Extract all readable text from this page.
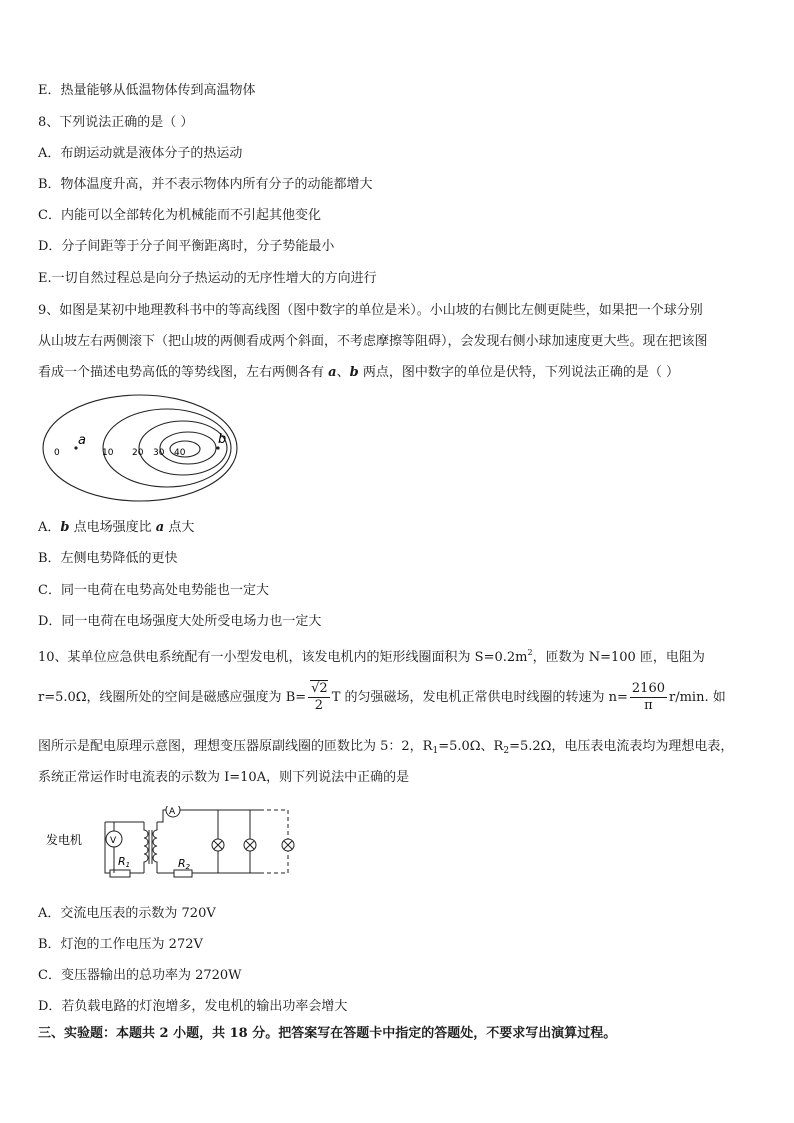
E．热量能够从低温物体传到高温物体
8、下列说法正确的是（ ）
A．布朗运动就是液体分子的热运动
B．物体温度升高，并不表示物体内所有分子的动能都增大
C．内能可以全部转化为机械能而不引起其他变化
D．分子间距等于分子间平衡距离时，分子势能最小
E.一切自然过程总是向分子热运动的无序性增大的方向进行
9、如图是某初中地理教科书中的等高线图（图中数字的单位是米）。小山坡的右侧比左侧更陡些，如果把一个球分别
从山坡左右两侧滚下（把山坡的两侧看成两个斜面，不考虑摩擦等阻碍），会发现右侧小球加速度更大些。现在把该图
看成一个描述电势高低的等势线图，左右两侧各有 a、b 两点，图中数字的单位是伏特，下列说法正确的是（ ）
0	10 20 30 40
a	b
A．b 点电场强度比 a 点大
B．左侧电势降低的更快
C．同一电荷在电势高处电势能也一定大
D．同一电荷在电场强度大处所受电场力也一定大
10、某单位应急供电系统配有一小型发电机，该发电机内的矩形线圈面积为 $S=0.2m^2$，匝数为 N=100 匝，电阻为
r=5.0Ω，线圈所处的空间是磁感应强度为 $B= \frac{√2}{2}$ T 的匀强磁场，发电机正常供电时线圈的转速为 $n= \frac{2160}{\pi} r/\min$. 如
图所示是配电原理示意图，理想变压器原副线圈的匝数比为 5：2，$R_1=5.0\Omega$、$R_2=5.2\Omega$，电压表电流表均为理想电表，
系统正常运作时电流表的示数为 I=10A，则下列说法中正确的是
发电机	V
A
R1	R2
A．交流电压表的示数为 720V
B．灯泡的工作电压为 272V
C．变压器输出的总功率为 2720W
D．若负载电路的灯泡增多，发电机的输出功率会增大
三、实验题：本题共 2 小题，共 18 分。把答案写在答题卡中指定的答题处，不要求写出演算过程。
